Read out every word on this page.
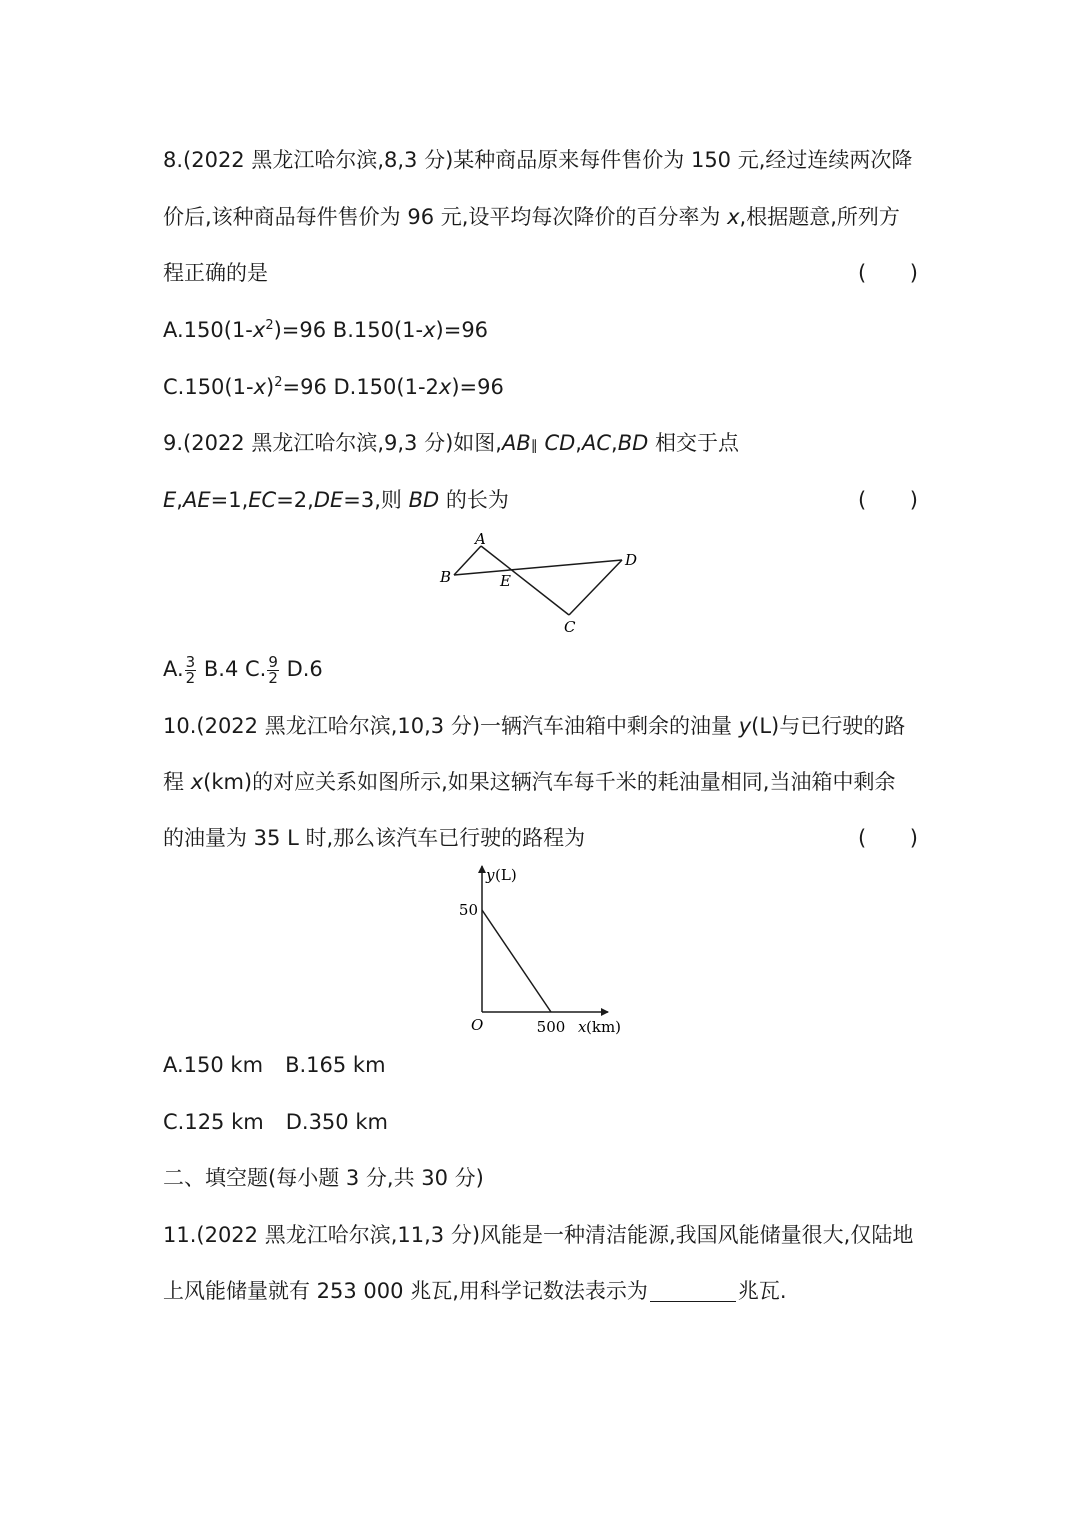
8.(2022 黑龙江哈尔滨,8,3 分)某种商品原来每件售价为 150 元,经过连续两次降
价后,该种商品每件售价为 96 元,设平均每次降价的百分率为 x,根据题意,所列方
程正确的是	( )
$A.150(1-x^2)=96$ B.150(1-x)=96
$C.150(1-x)^2=96$ D.150(1-2x)=96
9.(2022 黑龙江哈尔滨,9,3 分)如图,AB∥ CD,AC,BD 相交于点
E,AE=1,EC=2,DE=3,则 BD 的长为	( )
A
B	E
D
C
A. $\frac{3}{2} B.4$ C. $\frac{9}{2} D.6$
10.(2022 黑龙江哈尔滨,10,3 分)一辆汽车油箱中剩余的油量 y(L)与已行驶的路
程 x(km)的对应关系如图所示,如果这辆汽车每千米的耗油量相同,当油箱中剩余
的油量为 35 L 时,那么该汽车已行驶的路程为	( )
y (L)
50
O	500 x (km)
A.150 km B.165 km
C.125 km D.350 km
二、填空题(每小题 3 分,共 30 分)
11.(2022 黑龙江哈尔滨,11,3 分)风能是一种清洁能源,我国风能储量很大,仅陆地
上风能储量就有 253 000 兆瓦,用科学记数法表示为	兆瓦.
